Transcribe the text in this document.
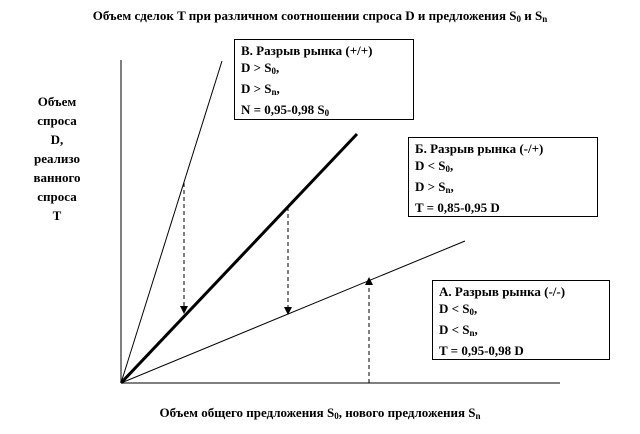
Объем сделок T при различном соотношении спроса D и предложения $S_0$ и $S_n$
Объем
спроса
D,
реализо
ванного
спроса
T
В. Разрыв рынка (+/+)
$D > S_0$,
$D > S_n$,
N = 0,95-0,98 $S_0$
Б. Разрыв рынка (-/+)
$D < S_0$,
$D > S_n$,
T = 0,85-0,95 D
А. Разрыв рынка (-/-)
$D < S_0$,
$D < S_n$,
T = 0,95-0,98 D
Объем общего предложения $S_0$, нового предложения $S_n$
